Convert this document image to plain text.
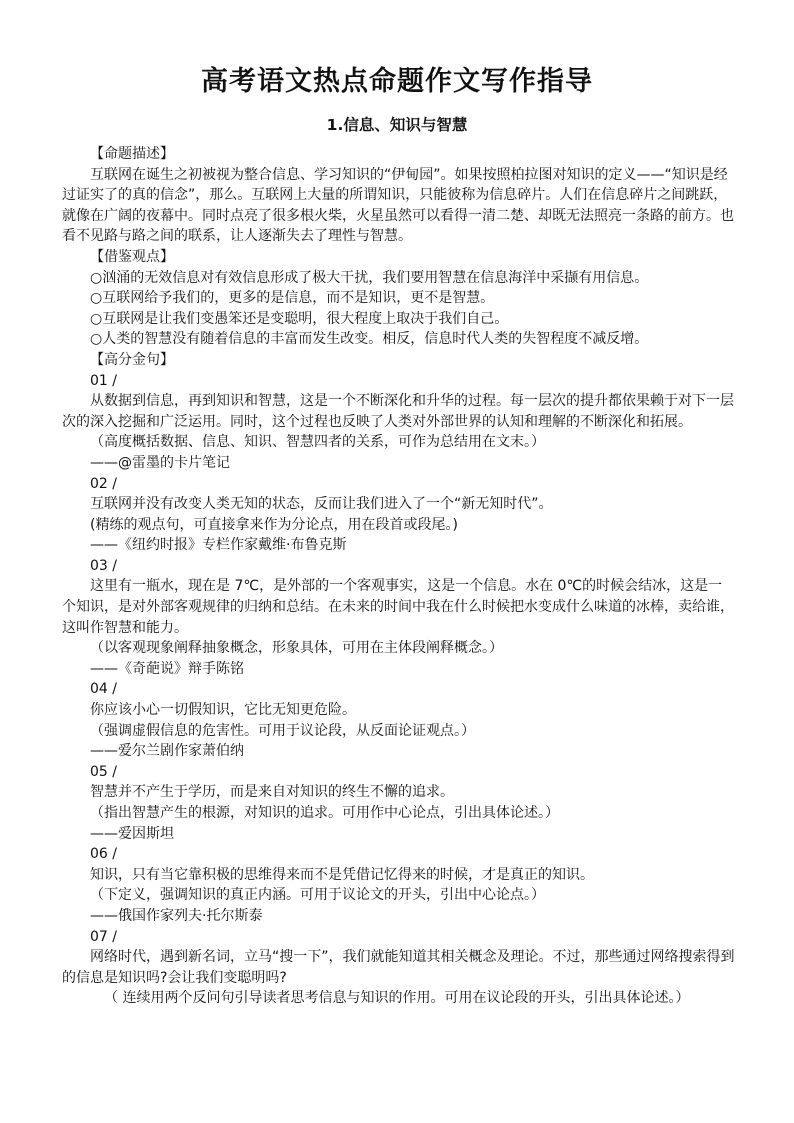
高考语文热点命题作文写作指导
1.信息、知识与智慧

【命题描述】

互联网在诞生之初被视为整合信息、学习知识的“伊甸园”。如果按照柏拉图对知识的定义——“知识是经过证实了的真的信念”，那么。互联网上大量的所谓知识，只能彼称为信息碎片。人们在信息碎片之间跳跃，就像在广阔的夜幕中。同时点亮了很多根火柴，火星虽然可以看得一清二楚、却既无法照亮一条路的前方。也看不见路与路之间的联系，让人逐渐失去了理性与智慧。

【借鉴观点】

○汹涌的无效信息对有效信息形成了极大干扰，我们要用智慧在信息海洋中采撷有用信息。

○互联网给予我们的，更多的是信息，而不是知识，更不是智慧。

○互联网是让我们变愚笨还是变聪明，很大程度上取决于我们自己。

○人类的智慧没有随着信息的丰富而发生改变。相反，信息时代人类的失智程度不减反增。

【高分金句】

01 /

从数据到信息，再到知识和智慧，这是一个不断深化和升华的过程。每一层次的提升都依果赖于对下一层次的深入挖掘和广泛运用。同时，这个过程也反映了人类对外部世界的认知和理解的不断深化和拓展。

（高度概括数据、信息、知识、智慧四者的关系，可作为总结用在文末。）

——@雷墨的卡片笔记

02 /

互联网并没有改变人类无知的状态，反而让我们进入了一个“新无知时代”。

(精练的观点句，可直接拿来作为分论点，用在段首或段尾。)

——《纽约时报》专栏作家戴维·布鲁克斯

03 /

这里有一瓶水，现在是 7℃，是外部的一个客观事实，这是一个信息。水在 0℃的时候会结冰，这是一个知识，是对外部客观规律的归纳和总结。在未来的时间中我在什么时候把水变成什么味道的冰棒，卖给谁，这叫作智慧和能力。

（以客观现象阐释抽象概念，形象具体，可用在主体段阐释概念。）

——《奇葩说》辩手陈铭

04 /

你应该小心一切假知识，它比无知更危险。

（强调虚假信息的危害性。可用于议论段，从反面论证观点。）

——爱尔兰剧作家萧伯纳

05 /

智慧并不产生于学历，而是来自对知识的终生不懈的追求。

（指出智慧产生的根源，对知识的追求。可用作中心论点，引出具体论述。）

——爱因斯坦

06 /

知识，只有当它靠积极的思维得来而不是凭借记忆得来的时候，才是真正的知识。

（下定义，强调知识的真正内涵。可用于议论文的开头，引出中心论点。）

——俄国作家列夫·托尔斯泰

07 /

网络时代，遇到新名词，立马“搜一下”，我们就能知道其相关概念及理论。不过，那些通过网络搜索得到的信息是知识吗?会让我们变聪明吗?

（ 连续用两个反问句引导读者思考信息与知识的作用。可用在议论段的开头，引出具体论述。）
